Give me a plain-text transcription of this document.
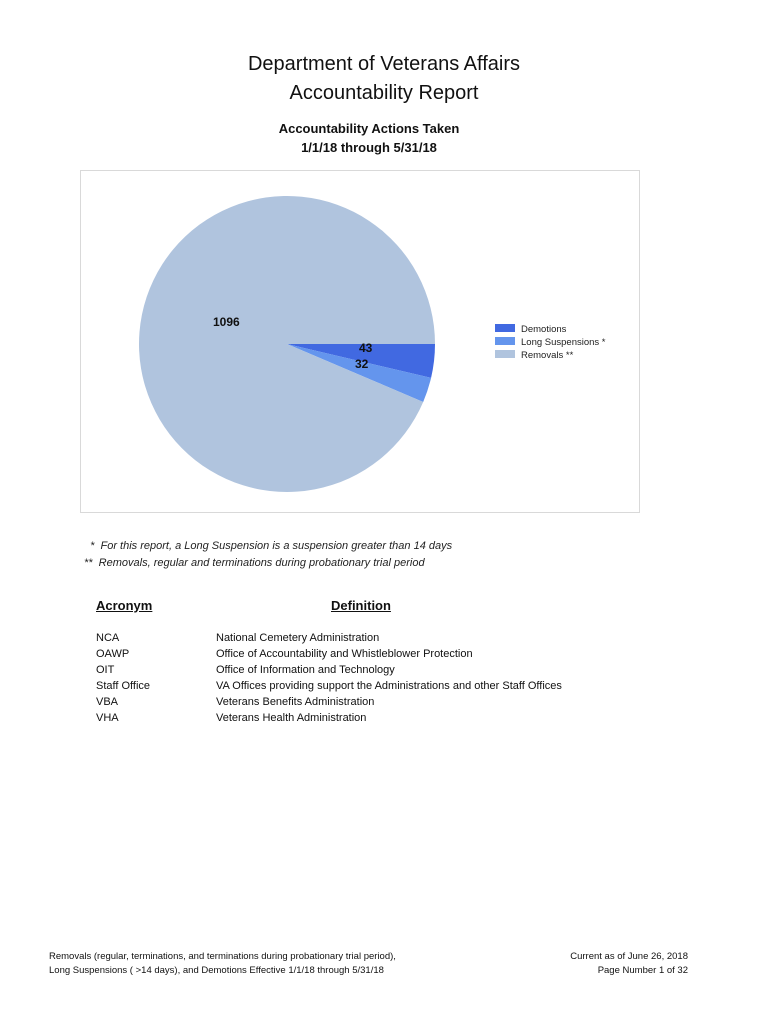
Department of Veterans Affairs
Accountability Report
Accountability Actions Taken
1/1/18 through 5/31/18
43
32
1096
Demotions
Long Suspensions *
Removals **
*  For this report, a Long Suspension is a suspension greater than 14 days
**  Removals, regular and terminations during probationary trial period
Acronym	Definition
NCA	National Cemetery Administration
OAWP	Office of Accountability and Whistleblower Protection
OIT	Office of Information and Technology
Staff Office	VA Offices providing support the Administrations and other Staff Offices
VBA	Veterans Benefits Administration
VHA	Veterans Health Administration
Removals (regular, terminations, and terminations during probationary trial period),
Long Suspensions ( >14 days), and Demotions Effective 1/1/18 through 5/31/18
Current as of June 26, 2018
Page Number 1 of 32
